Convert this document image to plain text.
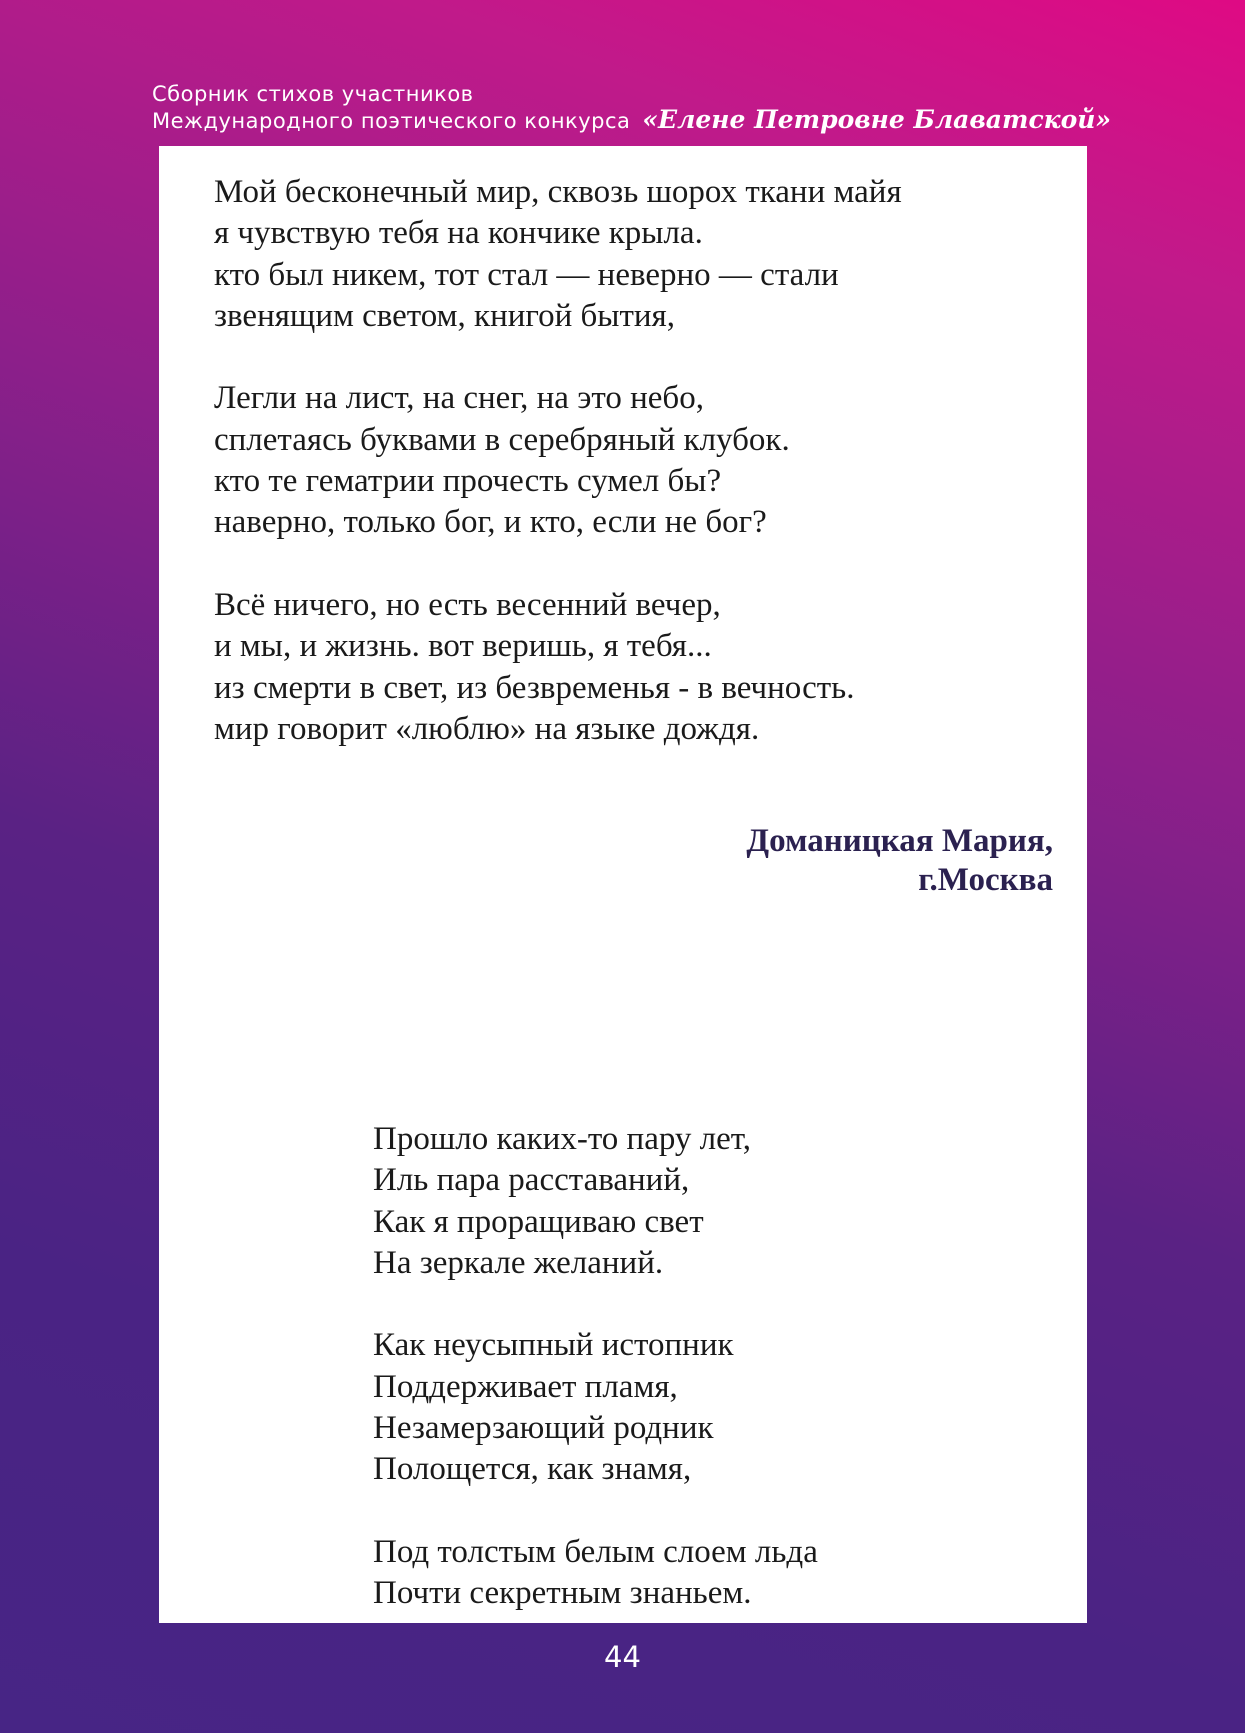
Сборник стихов участников
Международного поэтического конкурса «Елене Петровне Блаватской»
Мой бесконечный мир, сквозь шорох ткани майя
я чувствую тебя на кончике крыла.
кто был никем, тот стал — неверно — стали
звенящим светом, книгой бытия,
Легли на лист, на снег, на это небо,
сплетаясь буквами в серебряный клубок.
кто те гематрии прочесть сумел бы?
наверно, только бог, и кто, если не бог?
Всё ничего, но есть весенний вечер,
и мы, и жизнь. вот веришь, я тебя...
из смерти в свет, из безвременья - в вечность.
мир говорит «люблю» на языке дождя.
Доманицкая Мария,
г.Москва
Прошло каких-то пару лет,
Иль пара расставаний,
Как я проращиваю свет
На зеркале желаний.
Как неусыпный истопник
Поддерживает пламя,
Незамерзающий родник
Полощется, как знамя,
Под толстым белым слоем льда
Почти секретным знаньем.
44
